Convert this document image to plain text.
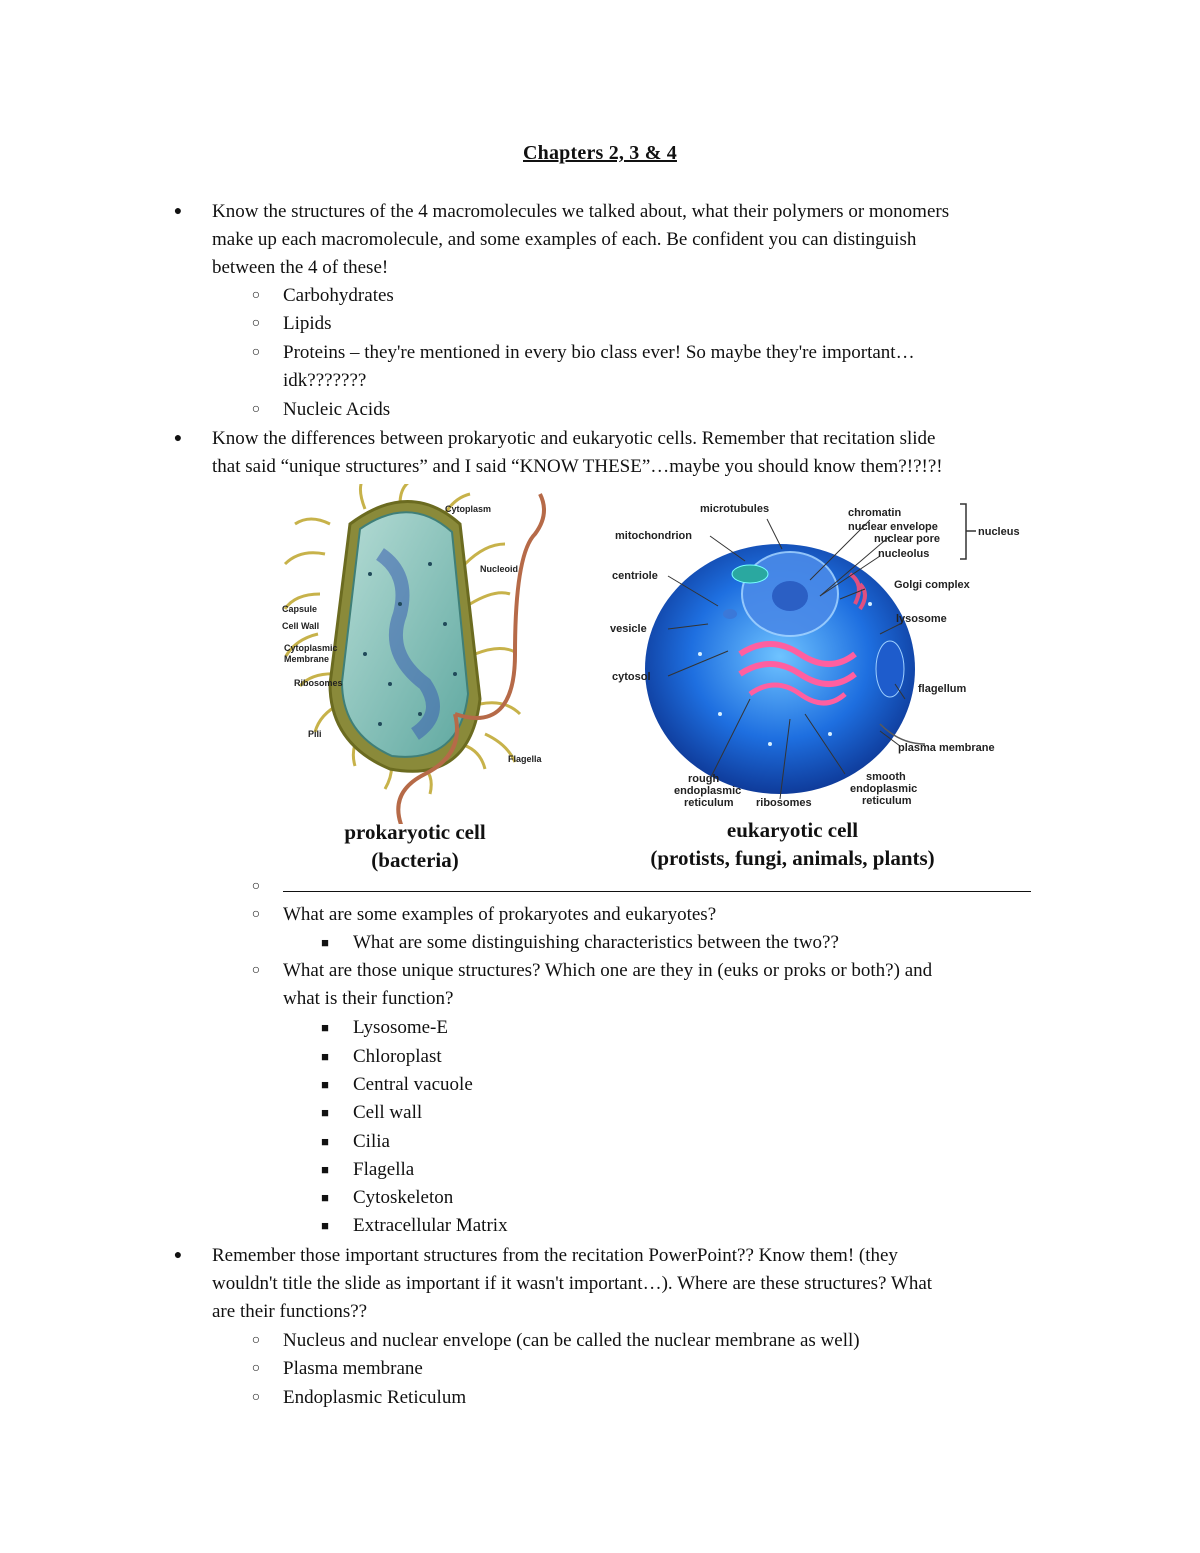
Chapters 2, 3 & 4
● Know the structures of the 4 macromolecules we talked about, what their polymers or monomers
make up each macromolecule, and some examples of each. Be confident you can distinguish
between the 4 of these!
○ Carbohydrates
○ Lipids
○ Proteins – they're mentioned in every bio class ever! So maybe they're important…
idk???????
○ Nucleic Acids
● Know the differences between prokaryotic and eukaryotic cells. Remember that recitation slide
that said “unique structures” and I said “KNOW THESE”…maybe you should know them?!?!?!
Cytoplasm
Nucleoid
Capsule
Cell Wall
Cytoplasmic
Membrane
Ribosomes
Pili
Flagella
microtubules
mitochondrion
chromatin
nuclear envelope
nuclear pore
nucleolus
nucleus
centriole
Golgi complex
lysosome
vesicle
cytosol
flagellum
plasma membrane
rough
endoplasmic
reticulum ribosomes
smooth
endoplasmic
reticulum
prokaryotic cell
(bacteria)
eukaryotic cell
(protists, fungi, animals, plants)
○
○ What are some examples of prokaryotes and eukaryotes?
■ What are some distinguishing characteristics between the two??
○ What are those unique structures? Which one are they in (euks or proks or both?) and
what is their function?
■ Lysosome-E
■ Chloroplast
■ Central vacuole
■ Cell wall
■ Cilia
■ Flagella
■ Cytoskeleton
■ Extracellular Matrix
● Remember those important structures from the recitation PowerPoint?? Know them! (they
wouldn't title the slide as important if it wasn't important…). Where are these structures? What
are their functions??
○ Nucleus and nuclear envelope (can be called the nuclear membrane as well)
○ Plasma membrane
○ Endoplasmic Reticulum
